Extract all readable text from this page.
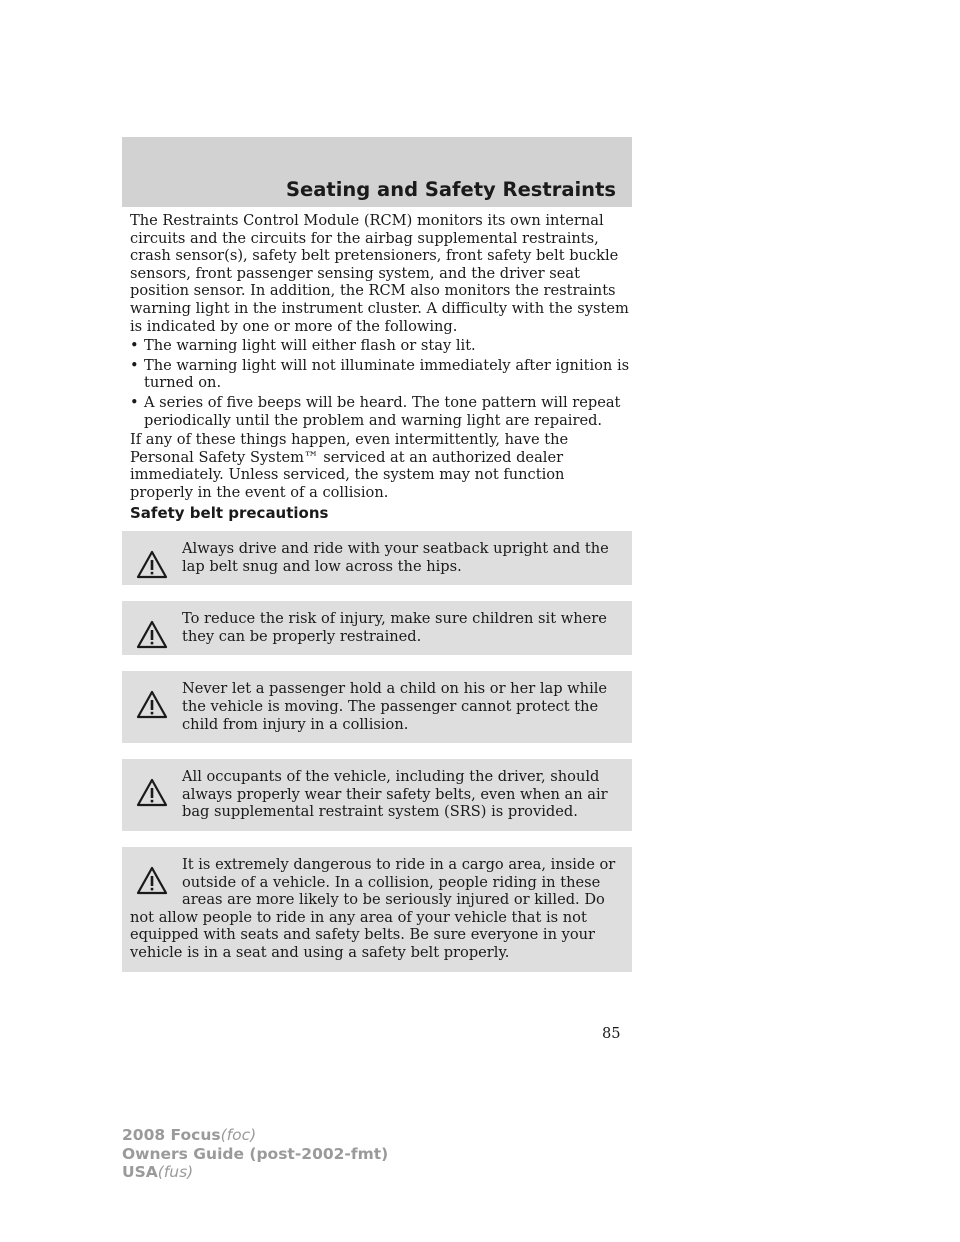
Seating and Safety Restraints

The Restraints Control Module (RCM) monitors its own internal circuits and the circuits for the airbag supplemental restraints, crash sensor(s), safety belt pretensioners, front safety belt buckle sensors, front passenger sensing system, and the driver seat position sensor. In addition, the RCM also monitors the restraints warning light in the instrument cluster. A difficulty with the system is indicated by one or more of the following.

• The warning light will either flash or stay lit.
• The warning light will not illuminate immediately after ignition is turned on.
• A series of five beeps will be heard. The tone pattern will repeat periodically until the problem and warning light are repaired.

If any of these things happen, even intermittently, have the Personal Safety System™ serviced at an authorized dealer immediately. Unless serviced, the system may not function properly in the event of a collision.

Safety belt precautions

Always drive and ride with your seatback upright and the lap belt snug and low across the hips.

To reduce the risk of injury, make sure children sit where they can be properly restrained.

Never let a passenger hold a child on his or her lap while the vehicle is moving. The passenger cannot protect the child from injury in a collision.

All occupants of the vehicle, including the driver, should always properly wear their safety belts, even when an air bag supplemental restraint system (SRS) is provided.

It is extremely dangerous to ride in a cargo area, inside or outside of a vehicle. In a collision, people riding in these areas are more likely to be seriously injured or killed. Do not allow people to ride in any area of your vehicle that is not equipped with seats and safety belts. Be sure everyone in your vehicle is in a seat and using a safety belt properly.

85
2008 Focus(foc)
Owners Guide (post-2002-fmt)
USA(fus)
